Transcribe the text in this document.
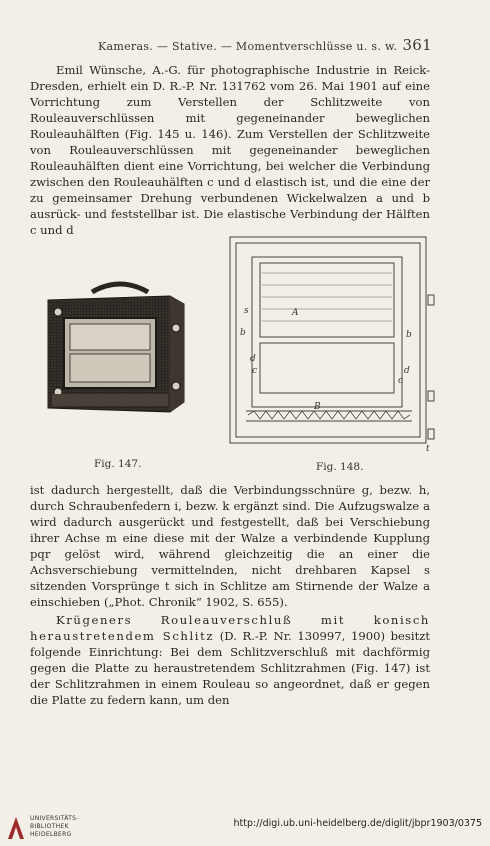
Kameras. — Stative. — Momentverschlüsse u. s. w. 361

Emil Wünsche, A.-G. für photographische Industrie in Reick-Dresden, erhielt ein D. R.-P. Nr. 131762 vom 26. Mai 1901 auf eine Vorrichtung zum Verstellen der Schlitzweite von Rouleauverschlüssen mit gegeneinander beweglichen Rouleauhälften (Fig. 145 u. 146). Zum Verstellen der Schlitzweite von Rouleauverschlüssen mit gegeneinander beweglichen Rouleauhälften dient eine Vorrichtung, bei welcher die Verbindung zwischen den Rouleauhälften c und d elastisch ist, und die eine der zu gemeinsamer Drehung verbundenen Wickelwalzen a und b ausrück- und feststellbar ist. Die elastische Verbindung der Hälften c und d

A
B
b	b
d
d
c
c
s
t
Fig. 147.	Fig. 148.

ist dadurch hergestellt, daß die Verbindungsschnüre g, bezw. h, durch Schraubenfedern i, bezw. k ergänzt sind. Die Aufzugswalze a wird dadurch ausgerückt und festgestellt, daß bei Verschiebung ihrer Achse m eine diese mit der Walze a verbindende Kupplung pqr gelöst wird, während gleichzeitig die an einer die Achsverschiebung vermittelnden, nicht drehbaren Kapsel s sitzenden Vorsprünge t sich in Schlitze am Stirnende der Walze a einschieben („Phot. Chronik“ 1902, S. 655).

Krügeners Rouleauverschluß mit konisch heraustretendem Schlitz (D. R.-P. Nr. 130997, 1900) besitzt folgende Einrichtung: Bei dem Schlitzverschluß mit dachförmig gegen die Platte zu heraustretendem Schlitzrahmen (Fig. 147) ist der Schlitzrahmen in einem Rouleau so angeordnet, daß er gegen die Platte zu federn kann, um den

UNIVERSITÄTS-
BIBLIOTHEK
HEIDELBERG
http://digi.ub.uni-heidelberg.de/diglit/jbpr1903/0375
